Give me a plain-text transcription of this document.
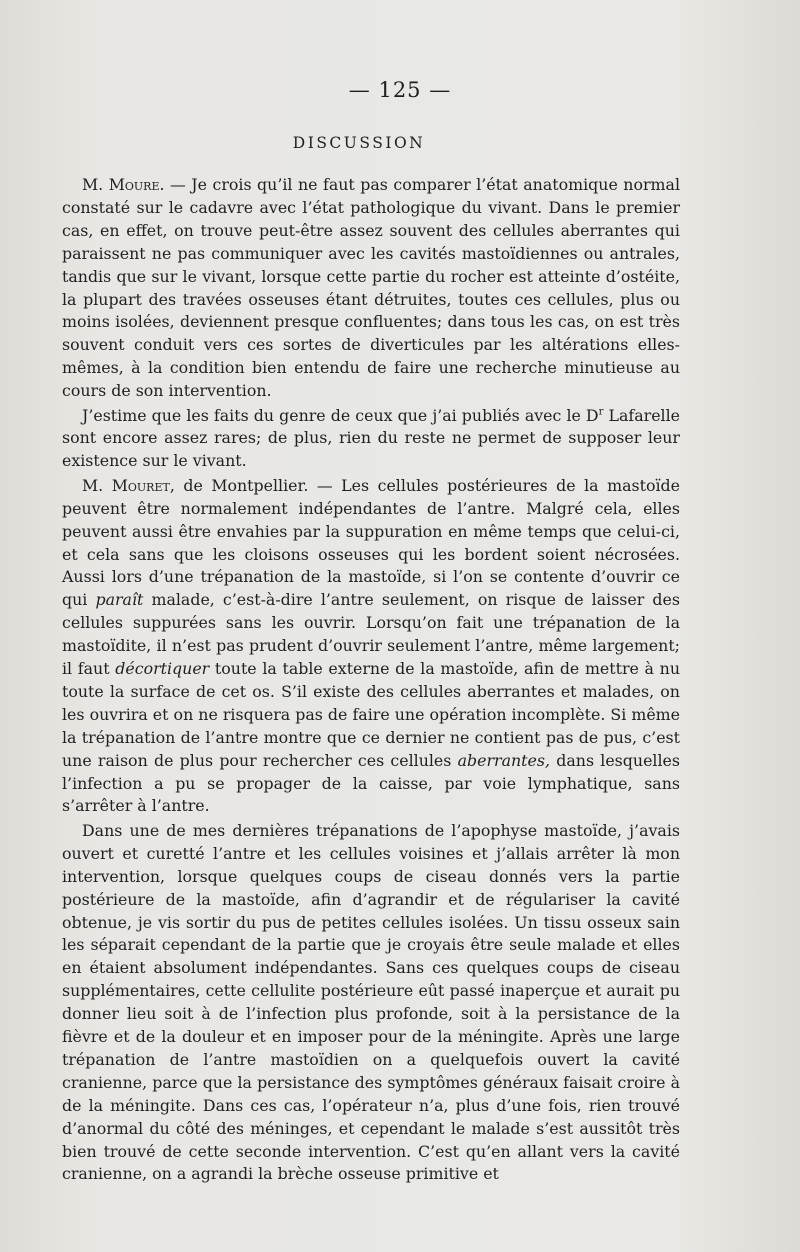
— 125 —
DISCUSSION

M. Moure. — Je crois qu’il ne faut pas comparer l’état anatomique normal constaté sur le cadavre avec l’état pathologique du vivant. Dans le premier cas, en effet, on trouve peut-être assez souvent des cellules aberrantes qui paraissent ne pas communiquer avec les cavités mastoïdiennes ou antrales, tandis que sur le vivant, lorsque cette partie du rocher est atteinte d’ostéite, la plupart des travées osseuses étant détruites, toutes ces cellules, plus ou moins isolées, deviennent presque confluentes; dans tous les cas, on est très souvent conduit vers ces sortes de diverticules par les altérations elles-mêmes, à la condition bien entendu de faire une recherche minutieuse au cours de son intervention.

J’estime que les faits du genre de ceux que j’ai publiés avec le $D^r$ Lafarelle sont encore assez rares; de plus, rien du reste ne permet de supposer leur existence sur le vivant.

M. Mouret, de Montpellier. — Les cellules postérieures de la mastoïde peuvent être normalement indépendantes de l’antre. Malgré cela, elles peuvent aussi être envahies par la suppuration en même temps que celui-ci, et cela sans que les cloisons osseuses qui les bordent soient nécrosées. Aussi lors d’une trépanation de la mastoïde, si l’on se contente d’ouvrir ce qui paraît malade, c’est-à-dire l’antre seulement, on risque de laisser des cellules suppurées sans les ouvrir. Lorsqu’on fait une trépanation de la mastoïdite, il n’est pas prudent d’ouvrir seulement l’antre, même largement; il faut décortiquer toute la table externe de la mastoïde, afin de mettre à nu toute la surface de cet os. S’il existe des cellules aberrantes et malades, on les ouvrira et on ne risquera pas de faire une opération incomplète. Si même la trépanation de l’antre montre que ce dernier ne contient pas de pus, c’est une raison de plus pour rechercher ces cellules aberrantes, dans lesquelles l’infection a pu se propager de la caisse, par voie lymphatique, sans s’arrêter à l’antre.

Dans une de mes dernières trépanations de l’apophyse mastoïde, j’avais ouvert et curetté l’antre et les cellules voisines et j’allais arrêter là mon intervention, lorsque quelques coups de ciseau donnés vers la partie postérieure de la mastoïde, afin d’agrandir et de régulariser la cavité obtenue, je vis sortir du pus de petites cellules isolées. Un tissu osseux sain les séparait cependant de la partie que je croyais être seule malade et elles en étaient absolument indépendantes. Sans ces quelques coups de ciseau supplémentaires, cette cellulite postérieure eût passé inaperçue et aurait pu donner lieu soit à de l’infection plus profonde, soit à la persistance de la fièvre et de la douleur et en imposer pour de la méningite. Après une large trépanation de l’antre mastoïdien on a quelquefois ouvert la cavité cranienne, parce que la persistance des symptômes généraux faisait croire à de la méningite. Dans ces cas, l’opérateur n’a, plus d’une fois, rien trouvé d’anormal du côté des méninges, et cependant le malade s’est aussitôt très bien trouvé de cette seconde intervention. C’est qu’en allant vers la cavité cranienne, on a agrandi la brèche osseuse primitive et
